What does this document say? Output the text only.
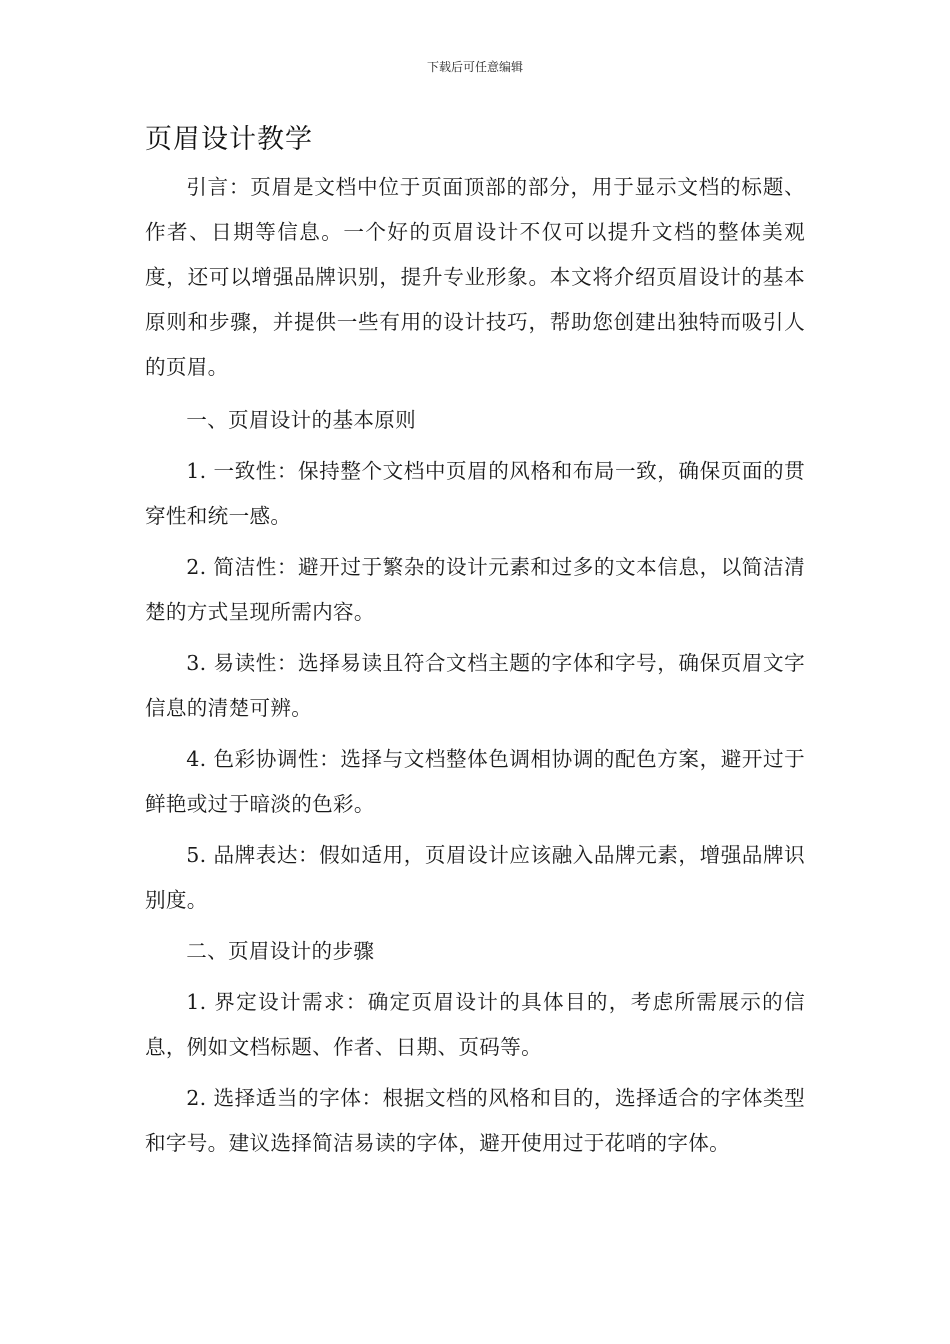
下载后可任意编辑
页眉设计教学

引言：页眉是文档中位于页面顶部的部分，用于显示文档的标题、作者、日期等信息。一个好的页眉设计不仅可以提升文档的整体美观度，还可以增强品牌识别，提升专业形象。本文将介绍页眉设计的基本原则和步骤，并提供一些有用的设计技巧，帮助您创建出独特而吸引人的页眉。

一、页眉设计的基本原则

1. 一致性：保持整个文档中页眉的风格和布局一致，确保页面的贯穿性和统一感。

2. 简洁性：避开过于繁杂的设计元素和过多的文本信息，以简洁清楚的方式呈现所需内容。

3. 易读性：选择易读且符合文档主题的字体和字号，确保页眉文字信息的清楚可辨。

4. 色彩协调性：选择与文档整体色调相协调的配色方案，避开过于鲜艳或过于暗淡的色彩。

5. 品牌表达：假如适用，页眉设计应该融入品牌元素，增强品牌识别度。

二、页眉设计的步骤

1. 界定设计需求：确定页眉设计的具体目的，考虑所需展示的信息，例如文档标题、作者、日期、页码等。

2. 选择适当的字体：根据文档的风格和目的，选择适合的字体类型和字号。建议选择简洁易读的字体，避开使用过于花哨的字体。
